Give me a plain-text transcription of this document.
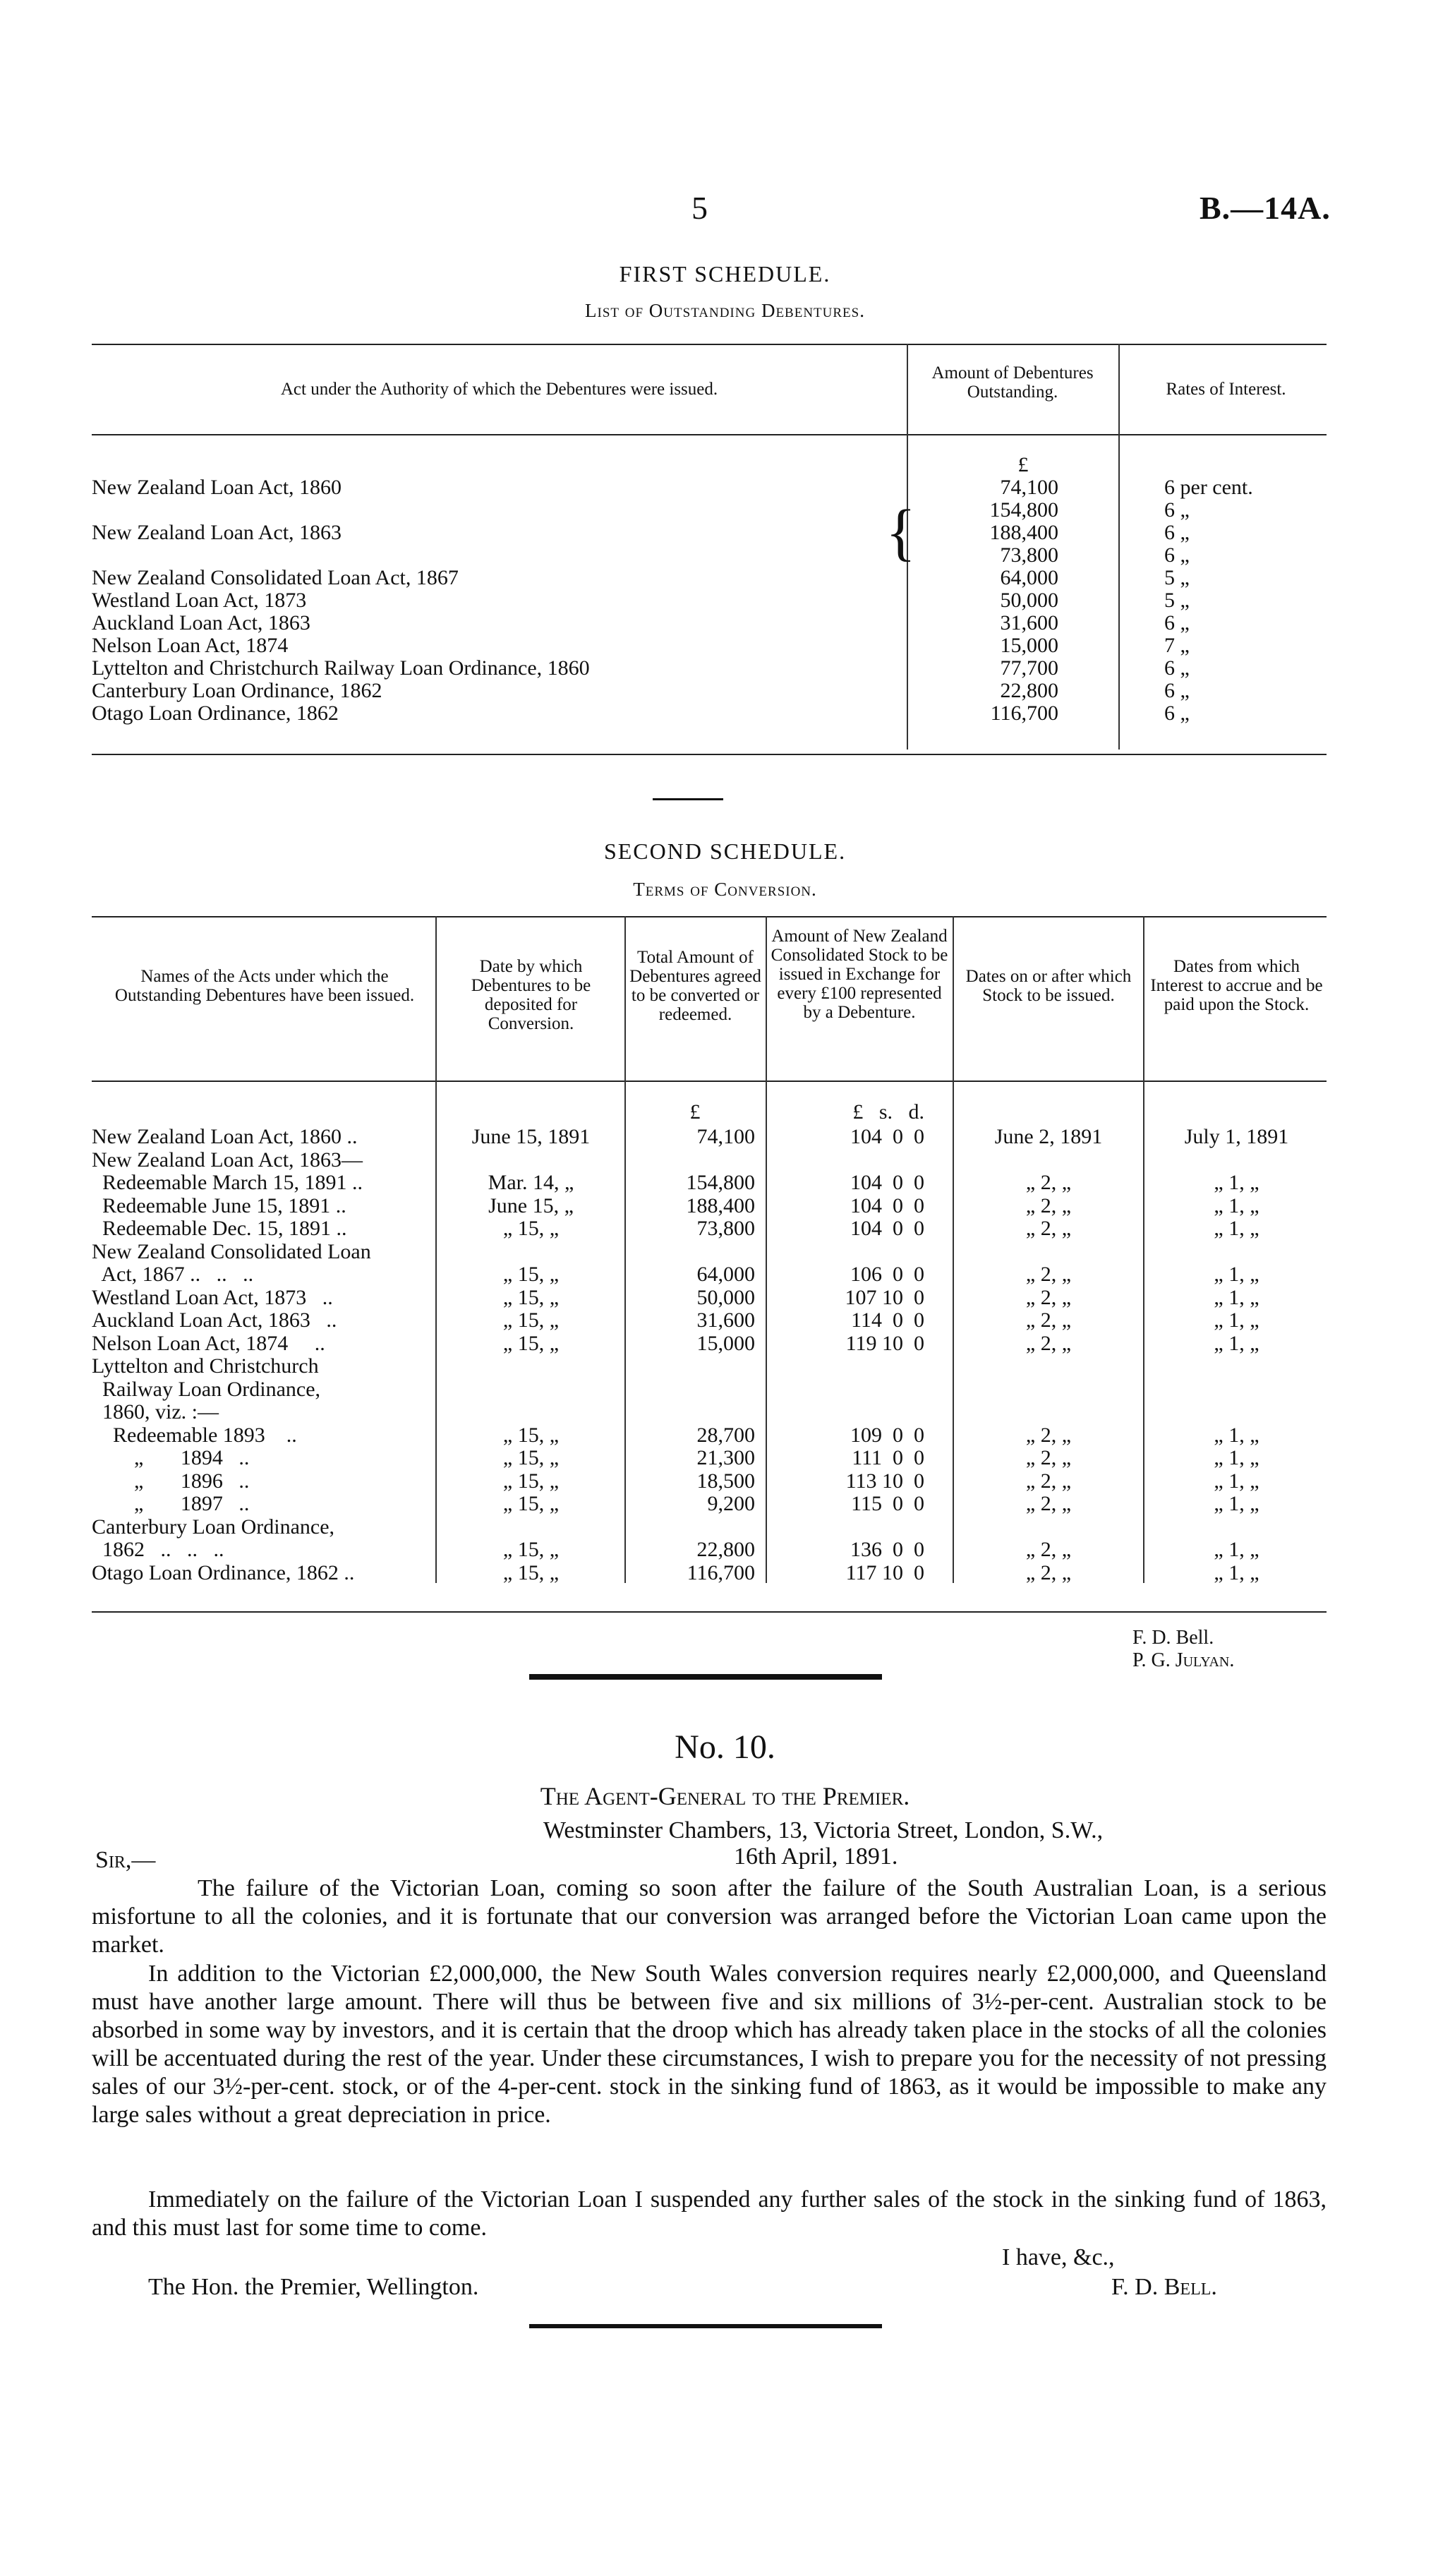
5	B.—14A.
FIRST SCHEDULE.
List of Outstanding Debentures.
Act under the Authority of which the Debentures were issued.
Amount of Debentures Outstanding.	Rates of Interest.
£
New Zealand Loan Act, 1860	74,100	6 per cent.
New Zealand Loan Act, 1863	{	154,800	6 „
188,400	6 „
73,800	6 „
New Zealand Consolidated Loan Act, 1867	64,000	5 „
Westland Loan Act, 1873	50,000	5 „
Auckland Loan Act, 1863	31,600	6 „
Nelson Loan Act, 1874	15,000	7 „
Lyttelton and Christchurch Railway Loan Ordinance, 1860	77,700	6 „
Canterbury Loan Ordinance, 1862	22,800	6 „
Otago Loan Ordinance, 1862	116,700	6 „
SECOND SCHEDULE.
Terms of Conversion.
Names of the Acts under which the Outstanding Debentures have been issued.
Date by which Debentures to be deposited for Conversion.
Total Amount of Debentures agreed to be converted or redeemed.
Amount of New Zealand Consolidated Stock to be issued in Exchange for every £100 represented by a Debenture.
Dates on or after which Stock to be issued.
Dates from which Interest to accrue and be paid upon the Stock.
£	£   s.   d.
New Zealand Loan Act, 1860 ..	June 15, 1891	74,100	104  0  0	June 2, 1891	July 1, 1891
New Zealand Loan Act, 1863—
Redeemable March 15, 1891 ..	Mar. 14, „	154,800	104  0  0	„ 2, „	„ 1, „
Redeemable June 15, 1891 ..	June 15, „	188,400	104  0  0	„ 2, „	„ 1, „
Redeemable Dec. 15, 1891 ..	„ 15, „	73,800	104  0  0	„ 2, „	„ 1, „
New Zealand Consolidated Loan
Act, 1867 ..   ..   ..	„ 15, „	64,000	106  0  0	„ 2, „	„ 1, „
Westland Loan Act, 1873   ..	„ 15, „	50,000	107 10  0	„ 2, „	„ 1, „
Auckland Loan Act, 1863   ..	„ 15, „	31,600	114  0  0	„ 2, „	„ 1, „
Nelson Loan Act, 1874     ..	„ 15, „	15,000	119 10  0	„ 2, „	„ 1, „
Lyttelton and Christchurch
Railway Loan Ordinance,
1860, viz. :—
Redeemable 1893    ..	„ 15, „	28,700	109  0  0	„ 2, „	„ 1, „
„       1894   ..	„ 15, „	21,300	111  0  0	„ 2, „	„ 1, „
„       1896   ..	„ 15, „	18,500	113 10  0	„ 2, „	„ 1, „
„       1897   ..	„ 15, „	9,200	115  0  0	„ 2, „	„ 1, „
Canterbury Loan Ordinance,
1862   ..   ..   ..	„ 15, „	22,800	136  0  0	„ 2, „	„ 1, „
Otago Loan Ordinance, 1862 ..	„ 15, „	116,700	117 10  0	„ 2, „	„ 1, „
F. D. Bell.
P. G. Julyan.
No. 10.
The Agent-General to the Premier.
Westminster Chambers, 13, Victoria Street, London, S.W.,
Sir,—	16th April, 1891.
The failure of the Victorian Loan, coming so soon after the failure of the South Australian Loan, is a serious misfortune to all the colonies, and it is fortunate that our conversion was arranged before the Victorian Loan came upon the market.
In addition to the Victorian £2,000,000, the New South Wales conversion requires nearly £2,000,000, and Queensland must have another large amount. There will thus be between five and six millions of 3½-per-cent. Australian stock to be absorbed in some way by investors, and it is certain that the droop which has already taken place in the stocks of all the colonies will be accentuated during the rest of the year. Under these circumstances, I wish to prepare you for the necessity of not pressing sales of our 3½-per-cent. stock, or of the 4-per-cent. stock in the sinking fund of 1863, as it would be impossible to make any large sales without a great depreciation in price.
Immediately on the failure of the Victorian Loan I suspended any further sales of the stock in the sinking fund of 1863, and this must last for some time to come.
I have, &c.,
The Hon. the Premier, Wellington.	F. D. Bell.
